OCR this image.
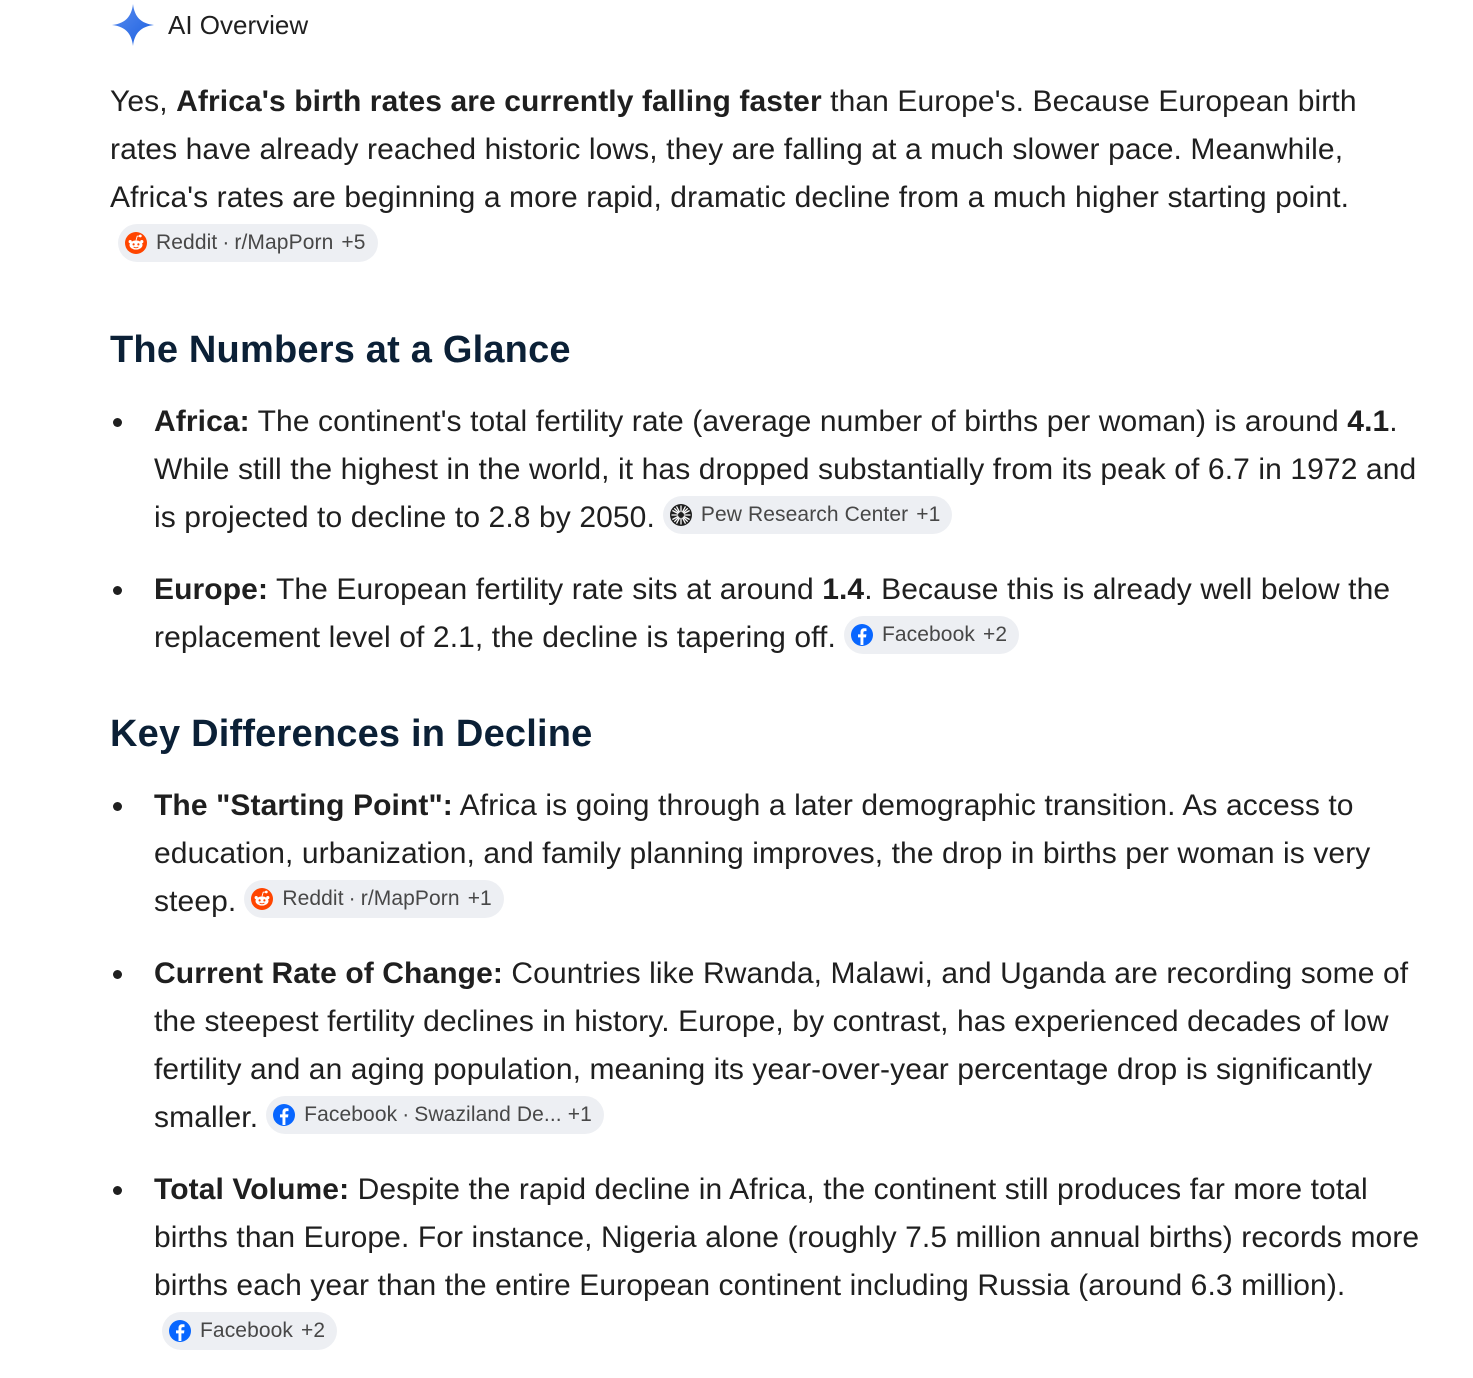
AI Overview

Yes, Africa's birth rates are currently falling faster than Europe's. Because European birth rates have already reached historic lows, they are falling at a much slower pace. Meanwhile, Africa's rates are beginning a more rapid, dramatic decline from a much higher starting point.
Reddit · r/MapPorn +5

The Numbers at a Glance
Africa: The continent's total fertility rate (average number of births per woman) is around 4.1. While still the highest in the world, it has dropped substantially from its peak of 6.7 in 1972 and is projected to decline to 2.8 by 2050. Pew Research Center +1
Europe: The European fertility rate sits at around 1.4. Because this is already well below the replacement level of 2.1, the decline is tapering off. Facebook +2
Key Differences in Decline
The "Starting Point": Africa is going through a later demographic transition. As access to education, urbanization, and family planning improves, the drop in births per woman is very steep. Reddit · r/MapPorn +1
Current Rate of Change: Countries like Rwanda, Malawi, and Uganda are recording some of the steepest fertility declines in history. Europe, by contrast, has experienced decades of low fertility and an aging population, meaning its year-over-year percentage drop is significantly smaller. Facebook · Swaziland De... +1
Total Volume: Despite the rapid decline in Africa, the continent still produces far more total births than Europe. For instance, Nigeria alone (roughly 7.5 million annual births) records more births each year than the entire European continent including Russia (around 6.3 million).
Facebook +2
